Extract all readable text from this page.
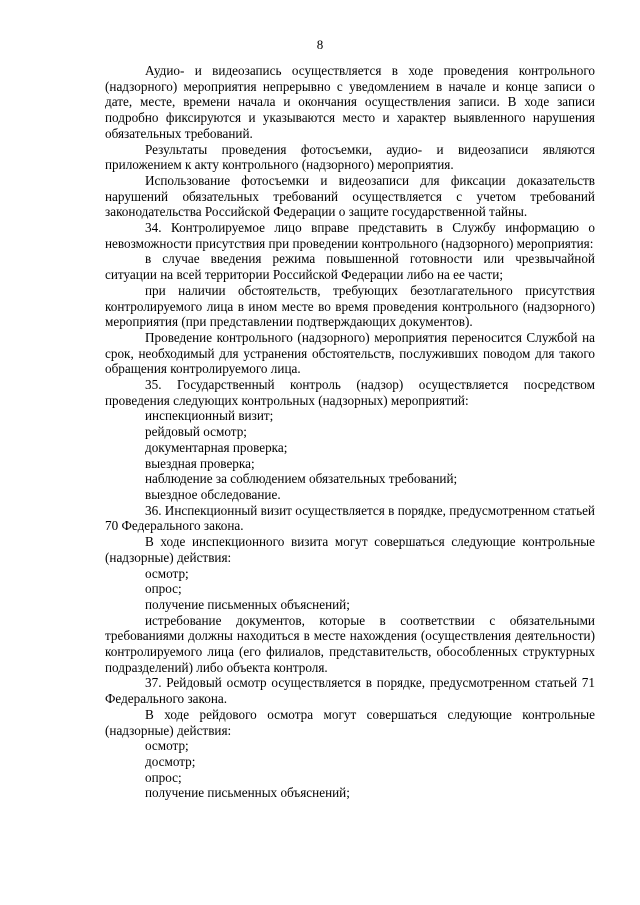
8

Аудио- и видеозапись осуществляется в ходе проведения контрольного (надзорного) мероприятия непрерывно с уведомлением в начале и конце записи о дате, месте, времени начала и окончания осуществления записи. В ходе записи подробно фиксируются и указываются место и характер выявленного нарушения обязательных требований.

Результаты проведения фотосъемки, аудио- и видеозаписи являются приложением к акту контрольного (надзорного) мероприятия.

Использование фотосъемки и видеозаписи для фиксации доказательств нарушений обязательных требований осуществляется с учетом требований законодательства Российской Федерации о защите государственной тайны.

34. Контролируемое лицо вправе представить в Службу информацию о невозможности присутствия при проведении контрольного (надзорного) мероприятия:

в случае введения режима повышенной готовности или чрезвычайной ситуации на всей территории Российской Федерации либо на ее части;

при наличии обстоятельств, требующих безотлагательного присутствия контролируемого лица в ином месте во время проведения контрольного (надзорного) мероприятия (при представлении подтверждающих документов).

Проведение контрольного (надзорного) мероприятия переносится Службой на срок, необходимый для устранения обстоятельств, послуживших поводом для такого обращения контролируемого лица.

35. Государственный контроль (надзор) осуществляется посредством проведения следующих контрольных (надзорных) мероприятий:

инспекционный визит;

рейдовый осмотр;

документарная проверка;

выездная проверка;

наблюдение за соблюдением обязательных требований;

выездное обследование.

36. Инспекционный визит осуществляется в порядке, предусмотренном статьей 70 Федерального закона.

В ходе инспекционного визита могут совершаться следующие контрольные (надзорные) действия:

осмотр;

опрос;

получение письменных объяснений;

истребование документов, которые в соответствии с обязательными требованиями должны находиться в месте нахождения (осуществления деятельности) контролируемого лица (его филиалов, представительств, обособленных структурных подразделений) либо объекта контроля.

37. Рейдовый осмотр осуществляется в порядке, предусмотренном статьей 71 Федерального закона.

В ходе рейдового осмотра могут совершаться следующие контрольные (надзорные) действия:

осмотр;

досмотр;

опрос;

получение письменных объяснений;
